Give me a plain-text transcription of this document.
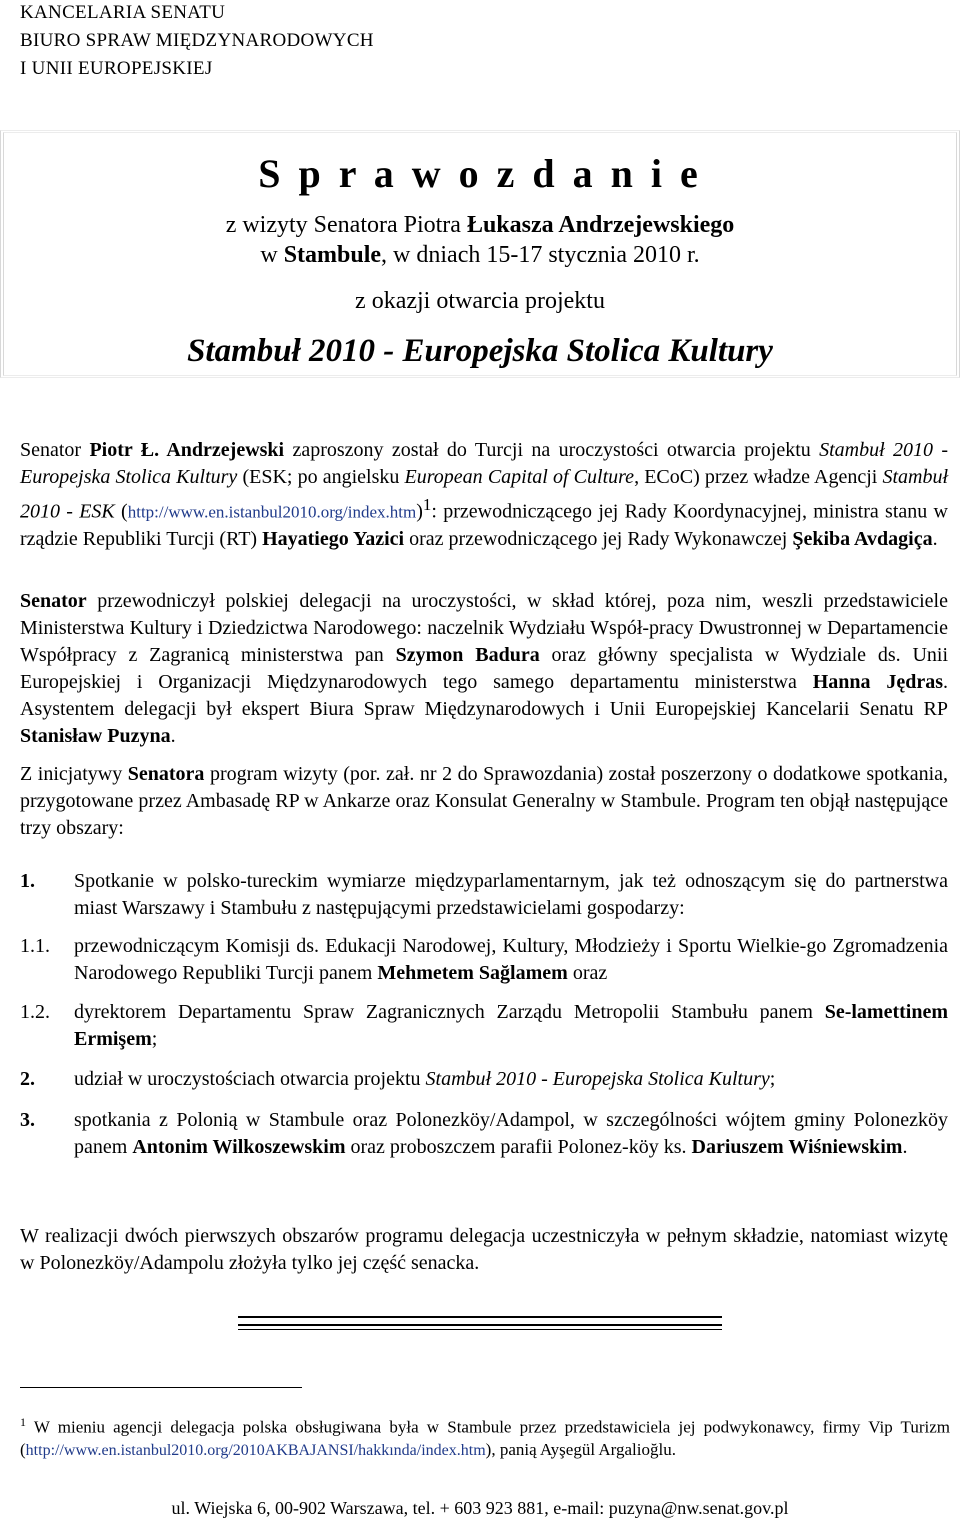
KANCELARIA SENATU
BIURO SPRAW MIĘDZYNARODOWYCH
I UNII EUROPEJSKIEJ
S p r a w o z d a n i e
z wizyty Senatora Piotra Łukasza Andrzejewskiego
w Stambule, w dniach 15-17 stycznia 2010 r.
z okazji otwarcia projektu
Stambuł 2010 - Europejska Stolica Kultury

Senator Piotr Ł. Andrzejewski zaproszony został do Turcji na uroczystości otwarcia projektu Stambuł 2010 - Europejska Stolica Kultury (ESK; po angielsku European Capital of Culture, ECoC) przez władze Agencji Stambuł 2010 - ESK (http://www.en.istanbul2010.org/index.htm)$^1$: przewodniczącego jej Rady Koordynacyjnej, ministra stanu w rządzie Republiki Turcji (RT) Hayatiego Yazici oraz przewodniczącego jej Rady Wykonawczej Şekiba Avdagiça.

Senator przewodniczył polskiej delegacji na uroczystości, w skład której, poza nim, weszli przedstawiciele Ministerstwa Kultury i Dziedzictwa Narodowego: naczelnik Wydziału Współ-pracy Dwustronnej w Departamencie Współpracy z Zagranicą ministerstwa pan Szymon Badura oraz główny specjalista w Wydziale ds. Unii Europejskiej i Organizacji Międzynarodowych tego samego departamentu ministerstwa Hanna Jędras. Asystentem delegacji był ekspert Biura Spraw Międzynarodowych i Unii Europejskiej Kancelarii Senatu RP Stanisław Puzyna.

Z inicjatywy Senatora program wizyty (por. zał. nr 2 do Sprawozdania) został poszerzony o dodatkowe spotkania, przygotowane przez Ambasadę RP w Ankarze oraz Konsulat Generalny w Stambule. Program ten objął następujące trzy obszary:

1. Spotkanie w polsko-tureckim wymiarze międzyparlamentarnym, jak też odnoszącym się do partnerstwa miast Warszawy i Stambułu z następującymi przedstawicielami gospodarzy:
1.1. przewodniczącym Komisji ds. Edukacji Narodowej, Kultury, Młodzieży i Sportu Wielkie-go Zgromadzenia Narodowego Republiki Turcji panem Mehmetem Sağlamem oraz
1.2. dyrektorem Departamentu Spraw Zagranicznych Zarządu Metropolii Stambułu panem Se-lamettinem Ermişem;
2. udział w uroczystościach otwarcia projektu Stambuł 2010 - Europejska Stolica Kultury;
3. spotkania z Polonią w Stambule oraz Polonezköy/Adampol, w szczególności wójtem gminy Polonezköy panem Antonim Wilkoszewskim oraz proboszczem parafii Polonez-köy ks. Dariuszem Wiśniewskim.

W realizacji dwóch pierwszych obszarów programu delegacja uczestniczyła w pełnym składzie, natomiast wizytę w Polonezköy/Adampolu złożyła tylko jej część senacka.

$^1$ W mieniu agencji delegacja polska obsługiwana była w Stambule przez przedstawiciela jej podwykonawcy, firmy Vip Turizm (http://www.en.istanbul2010.org/2010AKBAJANSI/hakkında/index.htm), panią Ayşegül Argalioğlu.
ul. Wiejska 6, 00-902 Warszawa, tel. + 603 923 881, e-mail: puzyna@nw.senat.gov.pl
